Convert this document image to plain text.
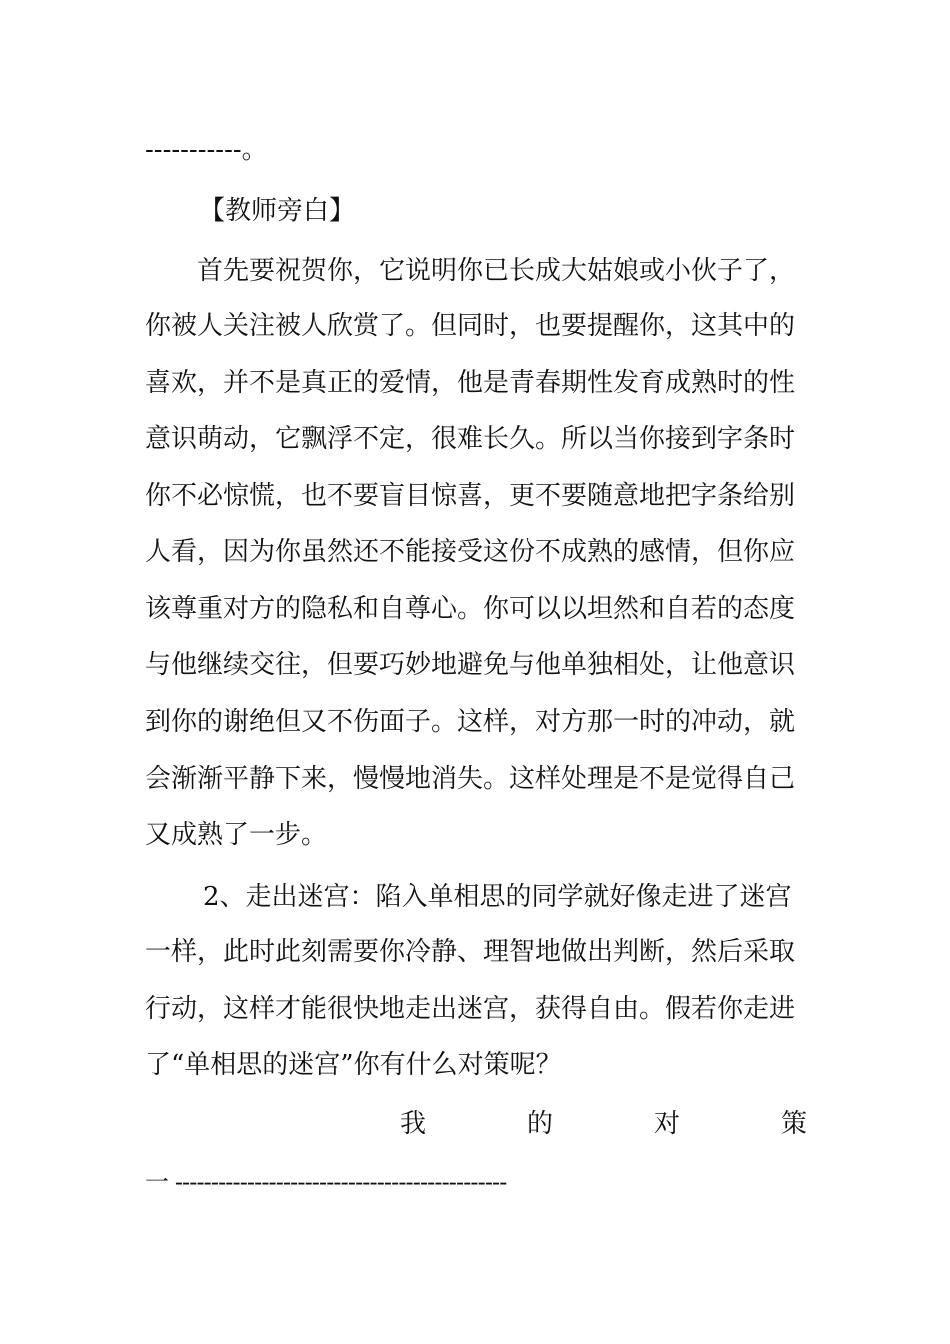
-----------。
【教师旁白】
首先要祝贺你，它说明你已长成大姑娘或小伙子了，
你被人关注被人欣赏了。但同时，也要提醒你，这其中的
喜欢，并不是真正的爱情，他是青春期性发育成熟时的性
意识萌动，它飘浮不定，很难长久。所以当你接到字条时
你不必惊慌，也不要盲目惊喜，更不要随意地把字条给别
人看，因为你虽然还不能接受这份不成熟的感情，但你应
该尊重对方的隐私和自尊心。你可以以坦然和自若的态度
与他继续交往，但要巧妙地避免与他单独相处，让他意识
到你的谢绝但又不伤面子。这样，对方那一时的冲动，就
会渐渐平静下来，慢慢地消失。这样处理是不是觉得自己
又成熟了一步。
2、走出迷宫：陷入单相思的同学就好像走进了迷宫
一样，此时此刻需要你冷静、理智地做出判断，然后采取
行动，这样才能很快地走出迷宫，获得自由。假若你走进
了“单相思的迷宫”你有什么对策呢？
我	的	对	策
一 ----------------------------------------------
